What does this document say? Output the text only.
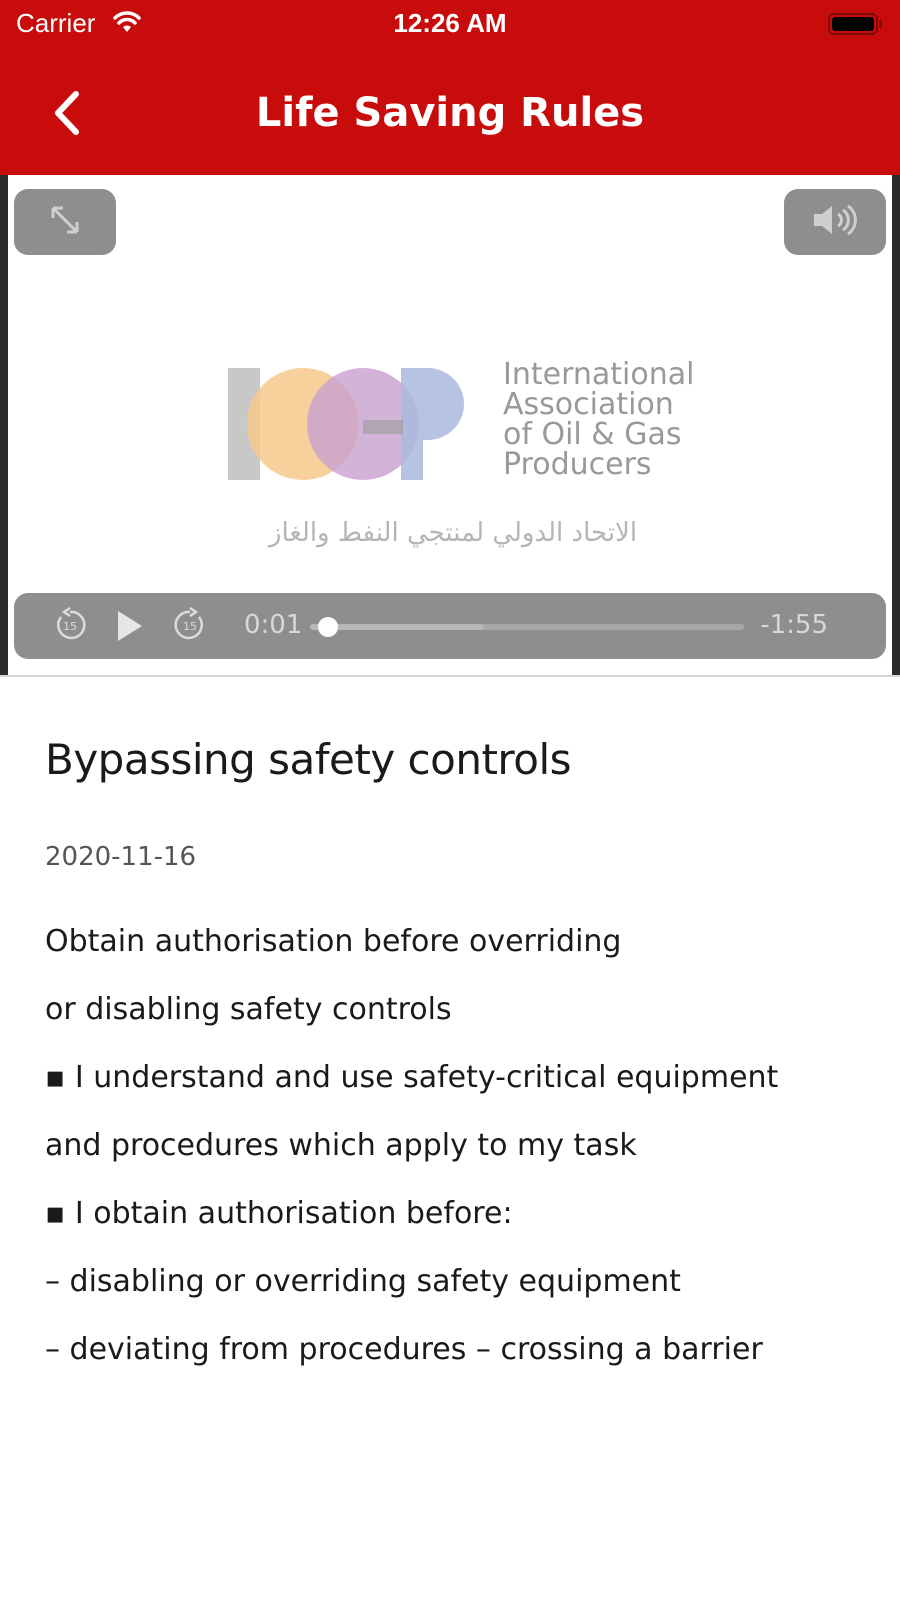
Carrier	12:26 AM
Life Saving Rules
International
Association
of Oil & Gas
Producers
الاتحاد الدولي لمنتجي النفط والغاز
15	15 0:01	-1:55
Bypassing safety controls
2020-11-16
Obtain authorisation before overriding
or disabling safety controls
▪ I understand and use safety-critical equipment
and procedures which apply to my task
▪ I obtain authorisation before:
– disabling or overriding safety equipment
– deviating from procedures – crossing a barrier
